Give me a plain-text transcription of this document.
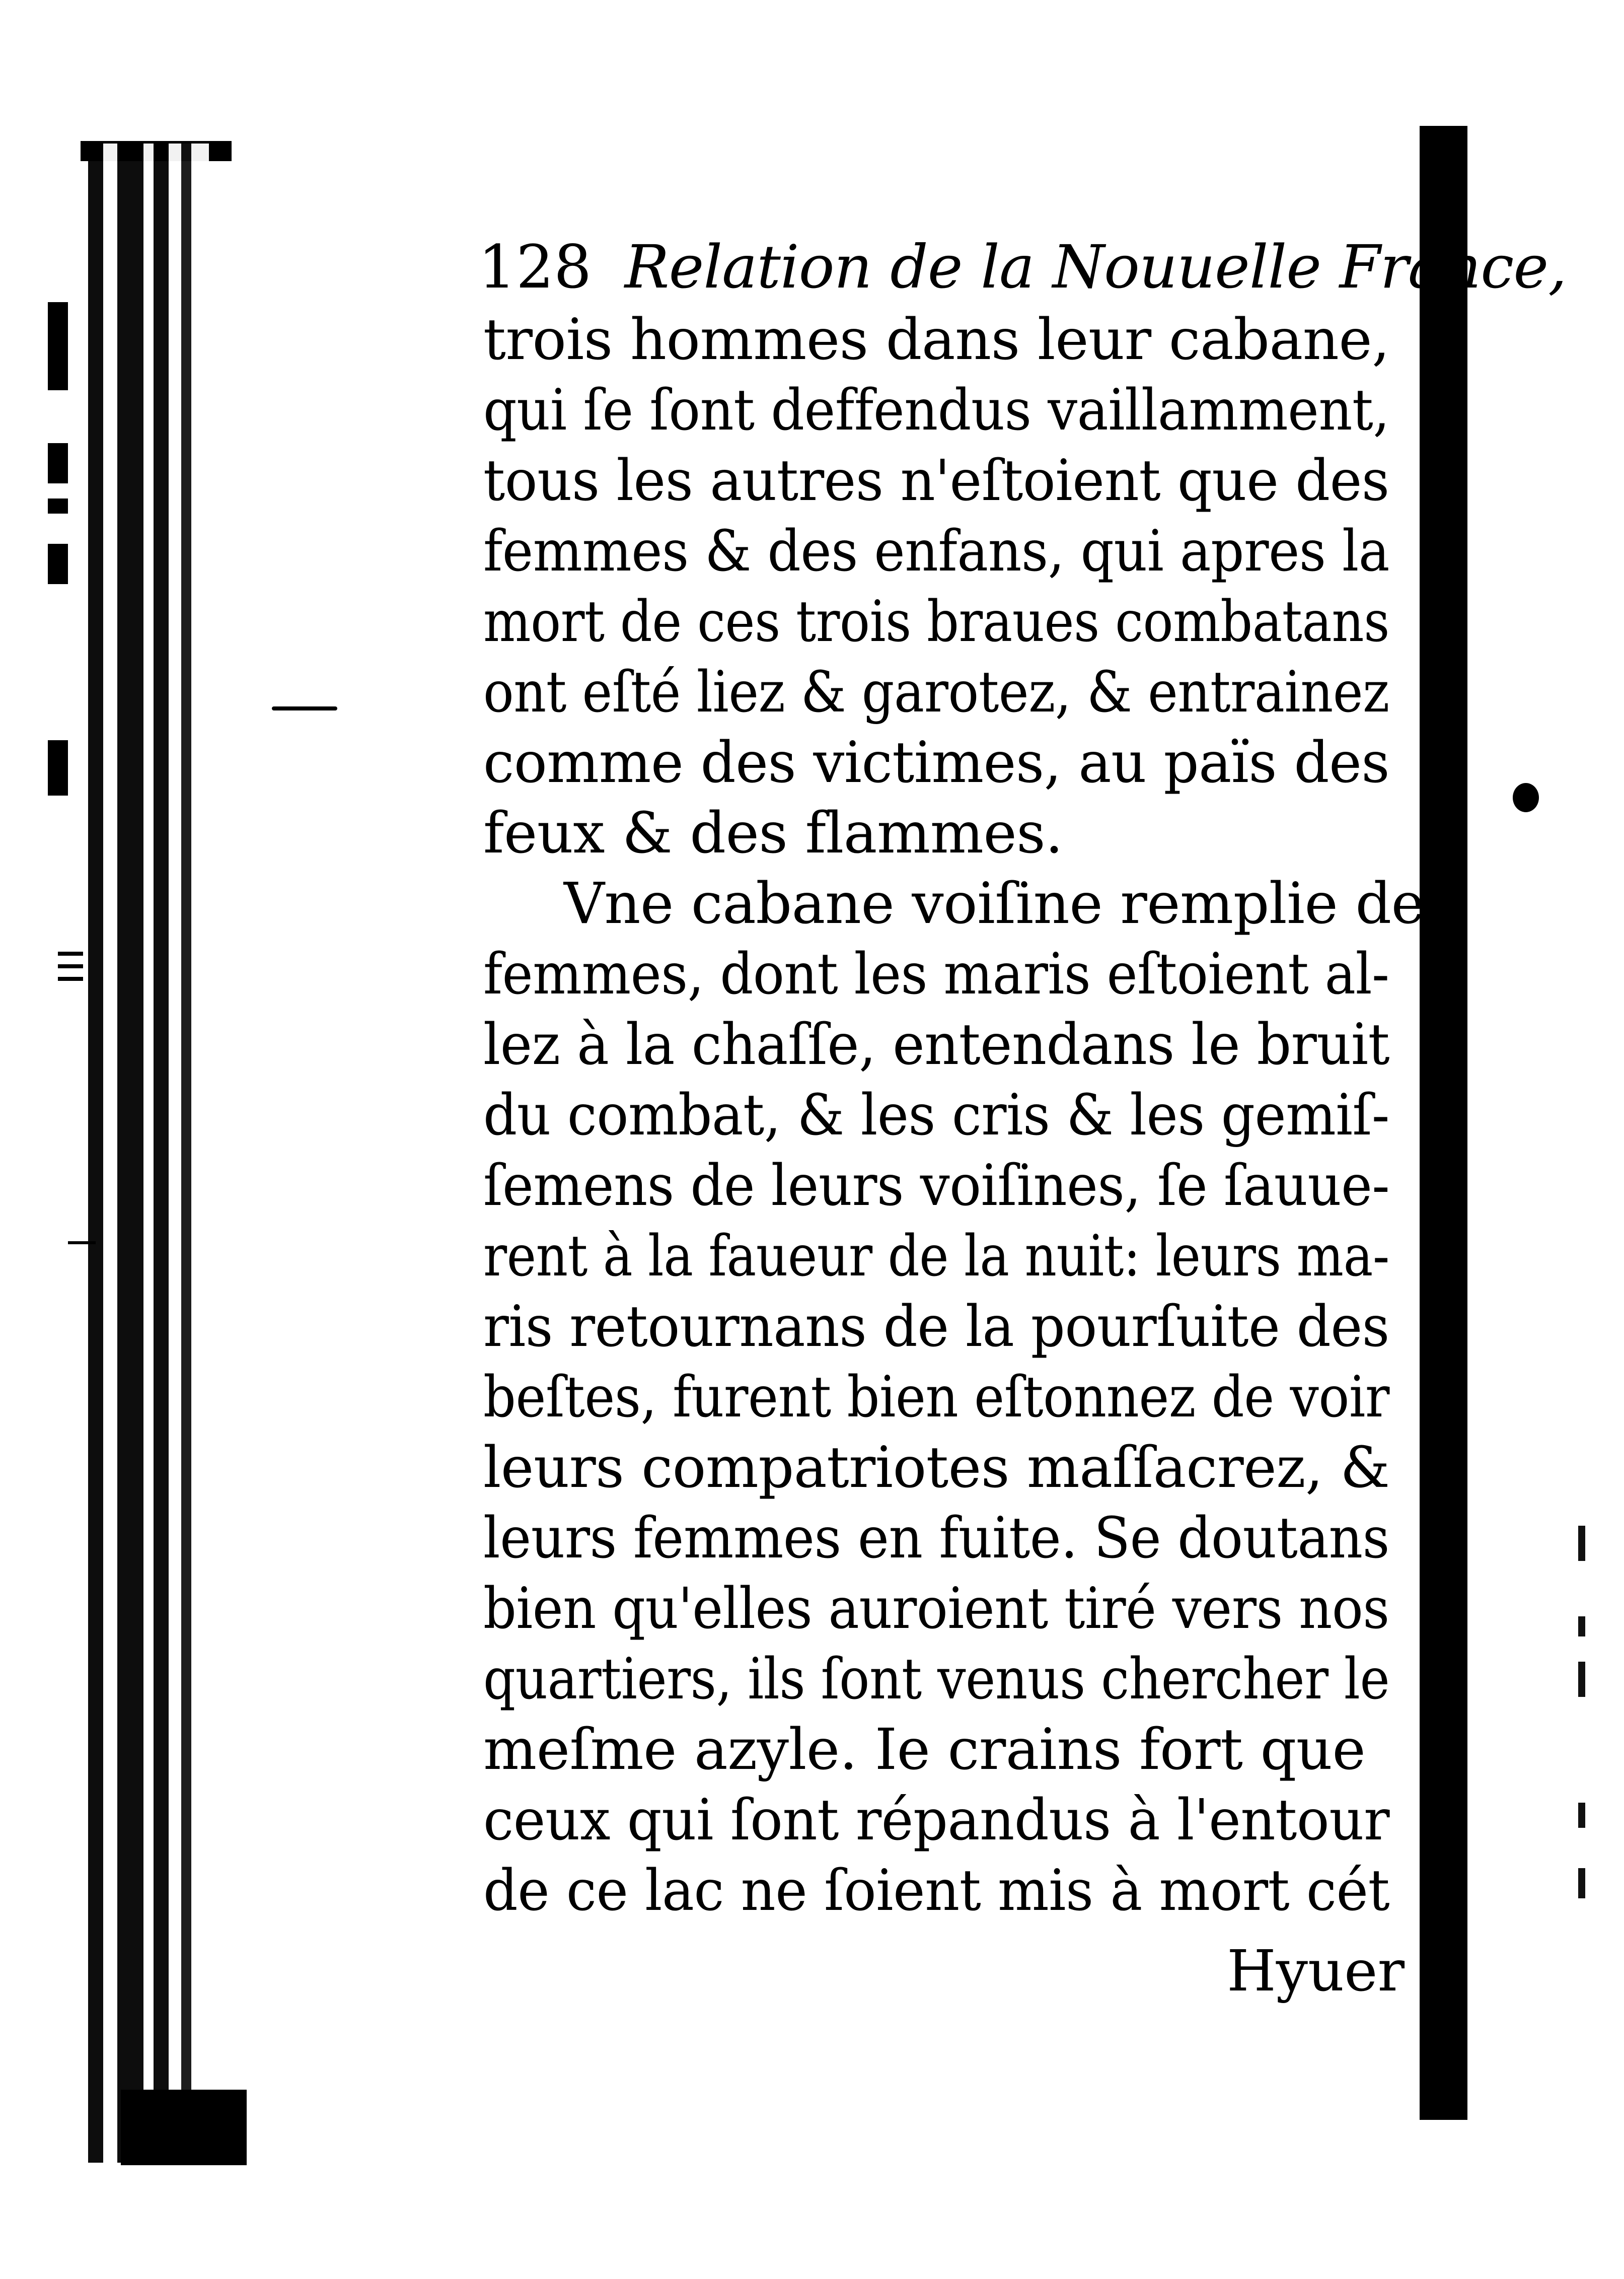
128 Relation de la Nouuelle France,
trois hommes dans leur cabane,
qui ſe ſont deffendus vaillamment,
tous les autres n'eſtoient que des
femmes & des enfans, qui apres la
mort de ces trois braues combatans
ont eſté liez & garotez, & entrainez
comme des victimes, au païs des
feux & des flammes.
Vne cabane voiſine remplie de
femmes, dont les maris eſtoient al-
lez à la chaſſe, entendans le bruit
du combat, & les cris & les gemiſ-
ſemens de leurs voiſines, ſe ſauue-
rent à la faueur de la nuit: leurs ma-
ris retournans de la pourſuite des
beſtes, furent bien eſtonnez de voir
leurs compatriotes maſſacrez, &
leurs femmes en fuite. Se doutans
bien qu'elles auroient tiré vers nos
quartiers, ils ſont venus chercher le
meſme azyle. Ie crains fort que
ceux qui ſont répandus à l'entour
de ce lac ne ſoient mis à mort cét
Hyuer
